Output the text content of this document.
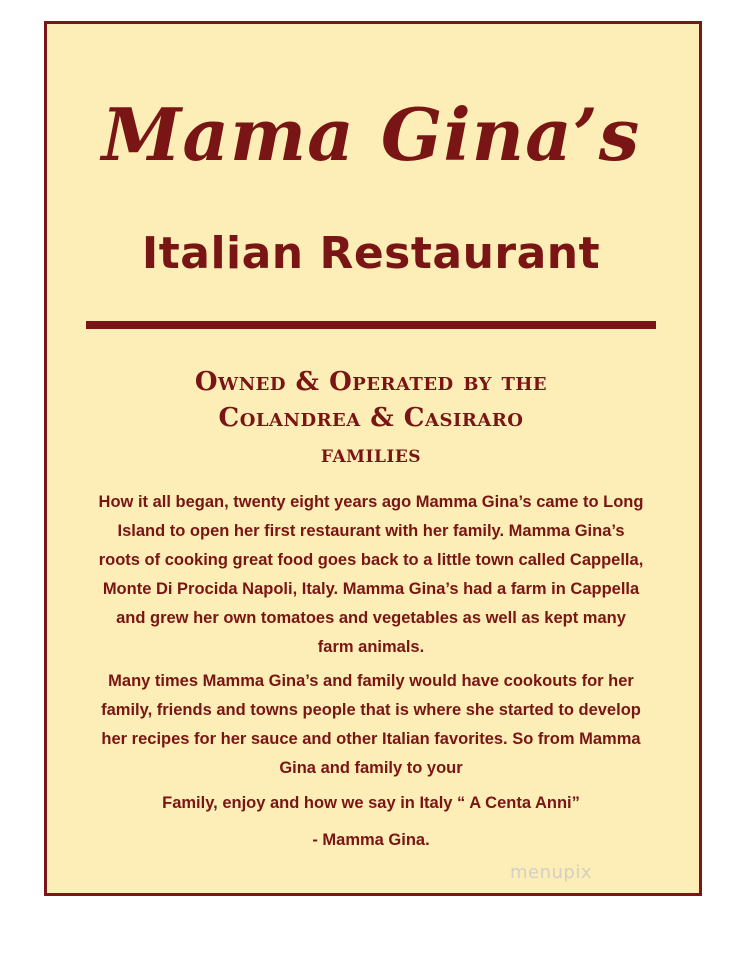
Mama Gina’s
Italian Restaurant
Owned & Operated by the
Colandrea & Casiraro
families

How it all began, twenty eight years ago Mamma Gina’s came to Long Island to open her first restaurant with her family. Mamma Gina’s roots of cooking great food goes back to a little town called Cappella, Monte Di Procida Napoli, Italy. Mamma Gina’s had a farm in Cappella and grew her own tomatoes and vegetables as well as kept many farm animals.

Many times Mamma Gina’s and family would have cookouts for her family, friends and towns people that is where she started to develop her recipes for her sauce and other Italian favorites. So from Mamma Gina and family to your

Family, enjoy and how we say in Italy “ A Centa Anni”

- Mamma Gina.

menupix
